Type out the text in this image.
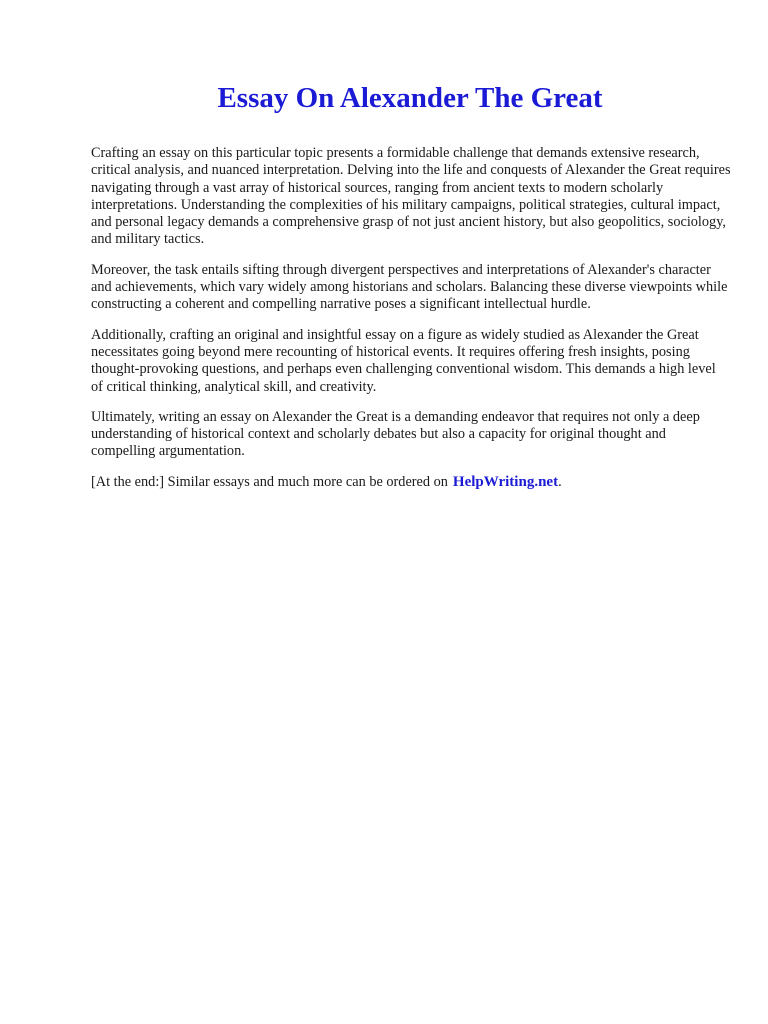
Essay On Alexander The Great

Crafting an essay on this particular topic presents a formidable challenge that demands extensive research, critical analysis, and nuanced interpretation. Delving into the life and conquests of Alexander the Great requires navigating through a vast array of historical sources, ranging from ancient texts to modern scholarly interpretations. Understanding the complexities of his military campaigns, political strategies, cultural impact, and personal legacy demands a comprehensive grasp of not just ancient history, but also geopolitics, sociology, and military tactics.

Moreover, the task entails sifting through divergent perspectives and interpretations of Alexander's character and achievements, which vary widely among historians and scholars. Balancing these diverse viewpoints while constructing a coherent and compelling narrative poses a significant intellectual hurdle.

Additionally, crafting an original and insightful essay on a figure as widely studied as Alexander the Great necessitates going beyond mere recounting of historical events. It requires offering fresh insights, posing thought-provoking questions, and perhaps even challenging conventional wisdom. This demands a high level of critical thinking, analytical skill, and creativity.

Ultimately, writing an essay on Alexander the Great is a demanding endeavor that requires not only a deep understanding of historical context and scholarly debates but also a capacity for original thought and compelling argumentation.

[At the end:] Similar essays and much more can be ordered on HelpWriting.net.
